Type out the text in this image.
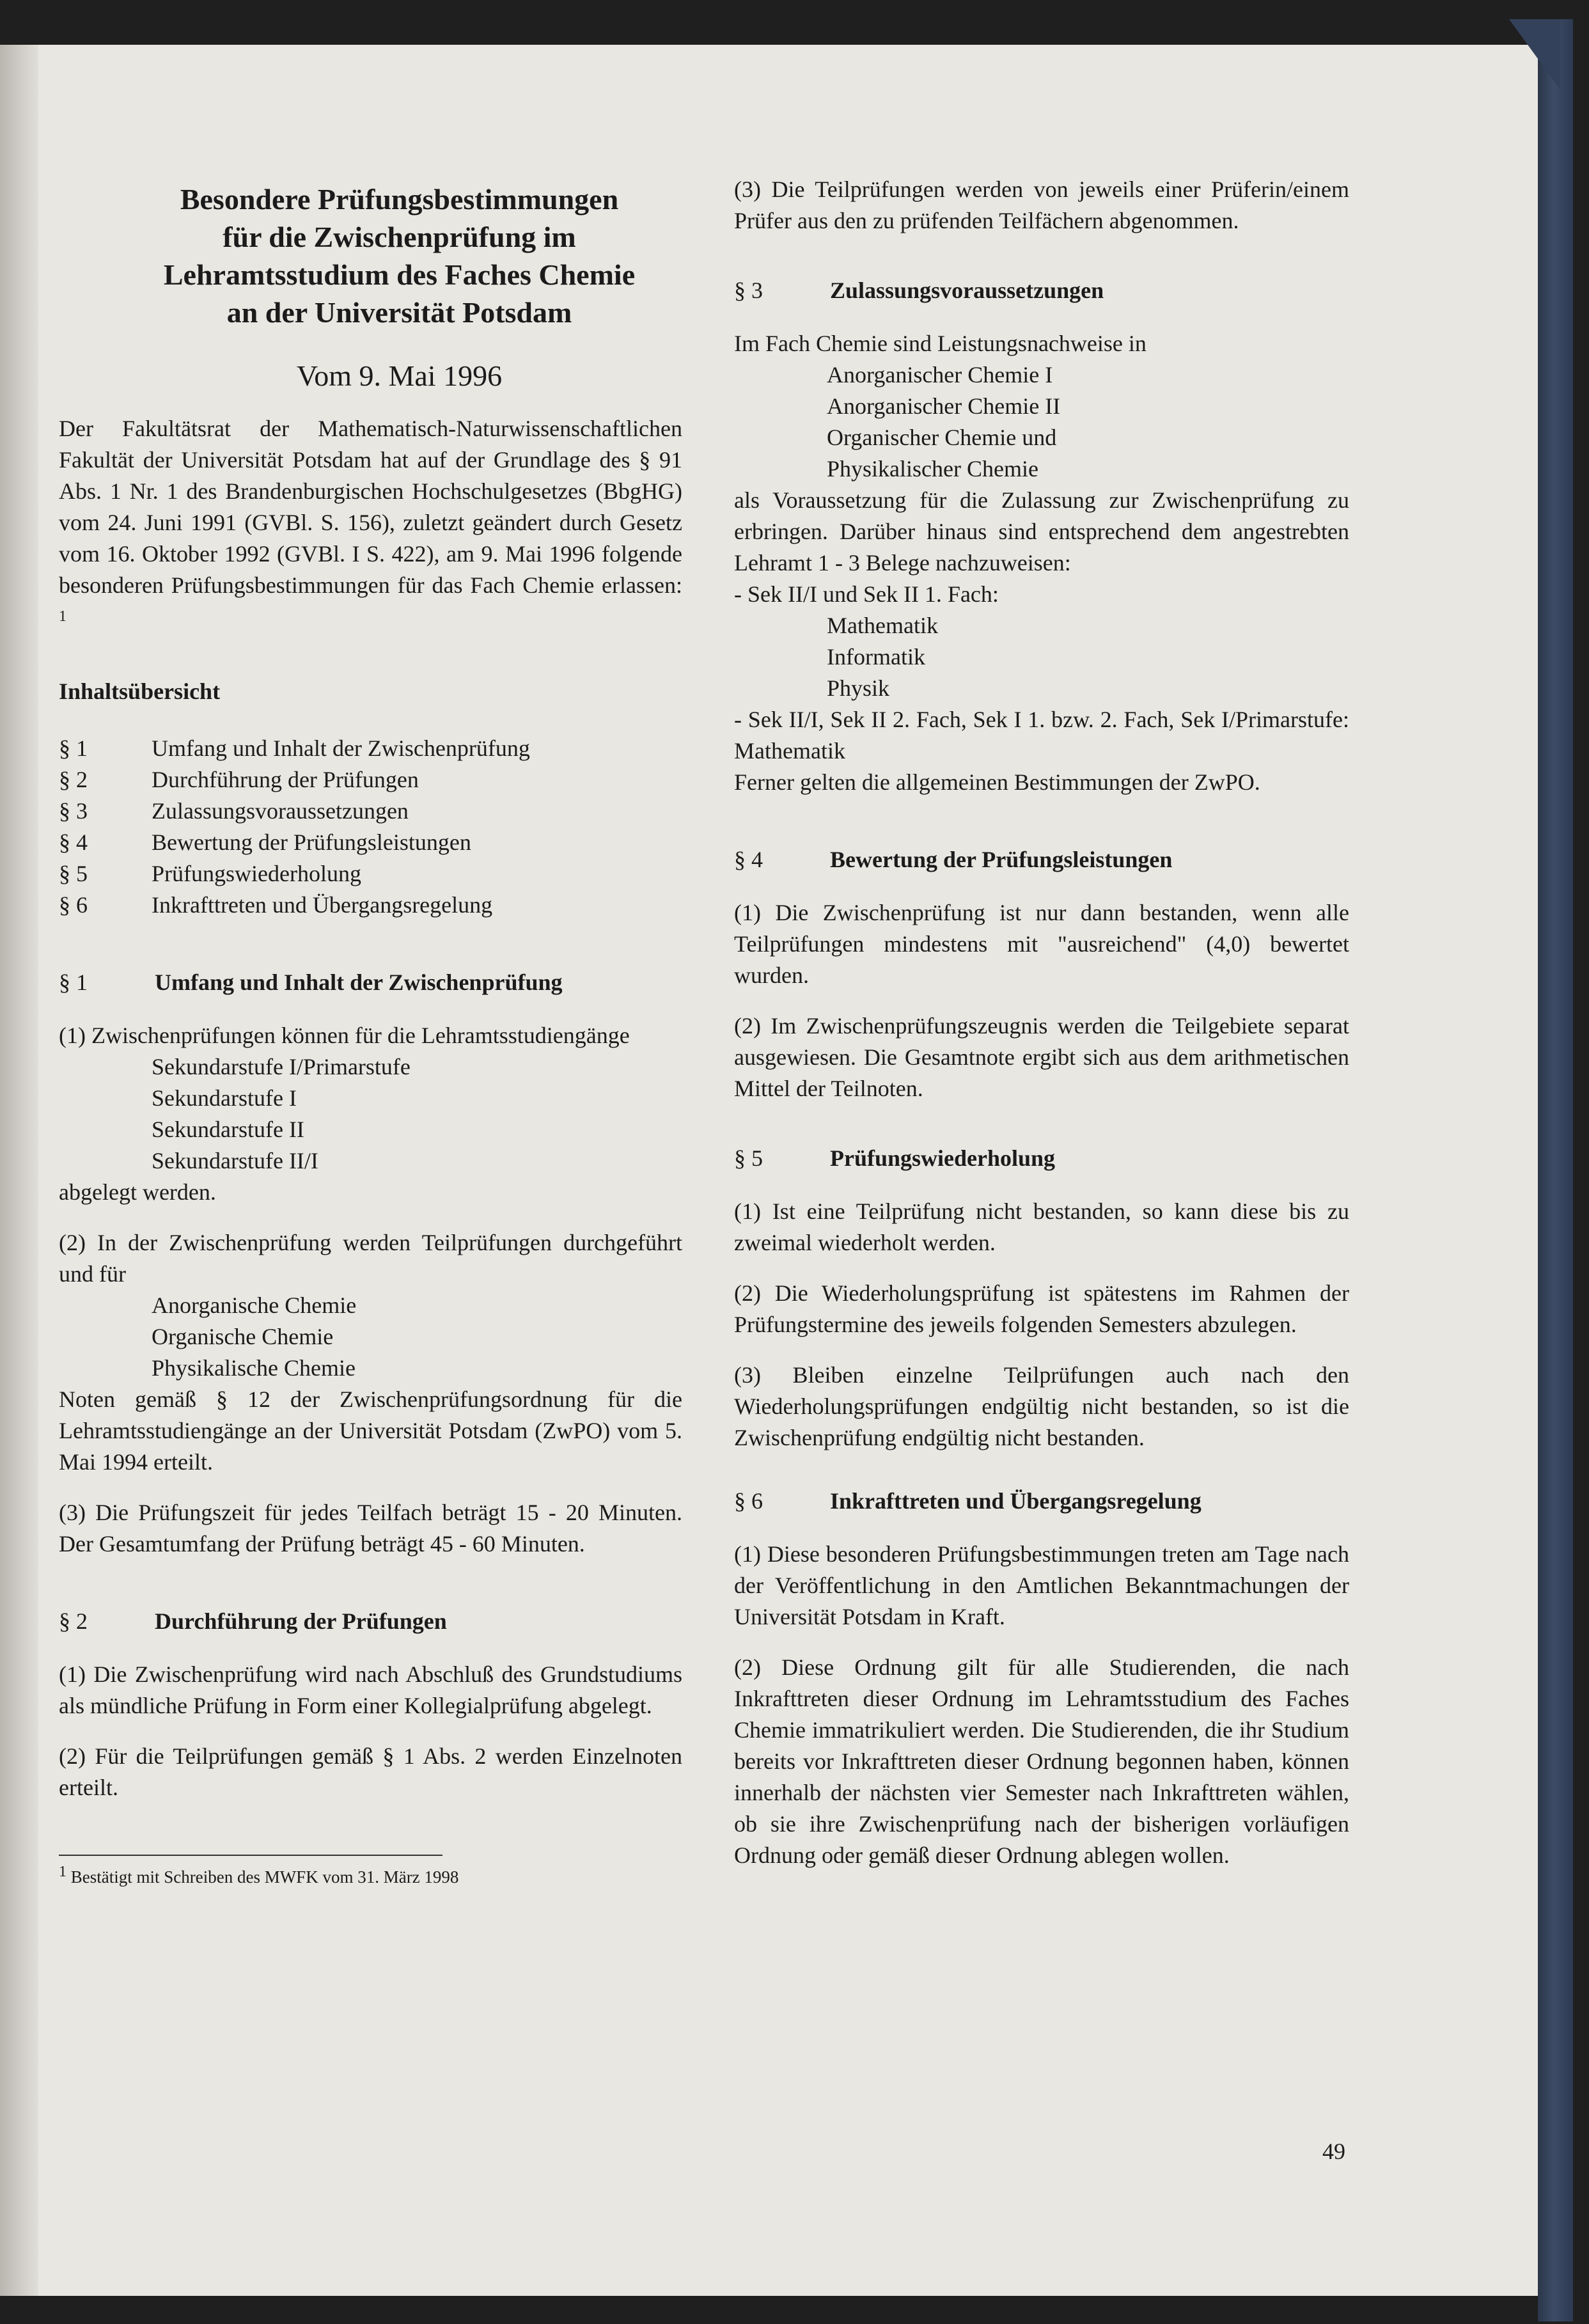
Besondere Prüfungsbestimmungen
für die Zwischenprüfung im
Lehramtsstudium des Faches Chemie
an der Universität Potsdam
Vom 9. Mai 1996

Der Fakultätsrat der Mathematisch-Naturwissenschaftlichen Fakultät der Universität Potsdam hat auf der Grundlage des § 91 Abs. 1 Nr. 1 des Brandenburgischen Hochschulgesetzes (BbgHG) vom 24. Juni 1991 (GVBl. S. 156), zuletzt geändert durch Gesetz vom 16. Oktober 1992 (GVBl. I S. 422), am 9. Mai 1996 folgende besonderen Prüfungsbestimmungen für das Fach Chemie erlassen: $^1$

Inhaltsübersicht
§ 1	Umfang und Inhalt der Zwischenprüfung
§ 2	Durchführung der Prüfungen
§ 3	Zulassungsvoraussetzungen
§ 4	Bewertung der Prüfungsleistungen
§ 5	Prüfungswiederholung
§ 6	Inkrafttreten und Übergangsregelung
§ 1	Umfang und Inhalt der Zwischenprüfung

(1) Zwischenprüfungen können für die Lehramtsstudiengänge

Sekundarstufe I/Primarstufe
Sekundarstufe I
Sekundarstufe II
Sekundarstufe II/I

abgelegt werden.

(2) In der Zwischenprüfung werden Teilprüfungen durchgeführt und für

Anorganische Chemie
Organische Chemie
Physikalische Chemie

Noten gemäß § 12 der Zwischenprüfungsordnung für die Lehramtsstudiengänge an der Universität Potsdam (ZwPO) vom 5. Mai 1994 erteilt.

(3) Die Prüfungszeit für jedes Teilfach beträgt 15 - 20 Minuten. Der Gesamtumfang der Prüfung beträgt 45 - 60 Minuten.

§ 2	Durchführung der Prüfungen

(1) Die Zwischenprüfung wird nach Abschluß des Grundstudiums als mündliche Prüfung in Form einer Kollegialprüfung abgelegt.

(2) Für die Teilprüfungen gemäß § 1 Abs. 2 werden Einzelnoten erteilt.

$^1$ Bestätigt mit Schreiben des MWFK vom 31. März 1998

(3) Die Teilprüfungen werden von jeweils einer Prüferin/einem Prüfer aus den zu prüfenden Teilfächern abgenommen.

§ 3	Zulassungsvoraussetzungen
Im Fach Chemie sind Leistungsnachweise in
Anorganischer Chemie I
Anorganischer Chemie II
Organischer Chemie und
Physikalischer Chemie
als Voraussetzung für die Zulassung zur Zwischenprüfung zu erbringen. Darüber hinaus sind entsprechend dem angestrebten Lehramt 1 - 3 Belege nachzuweisen:
- Sek II/I und Sek II 1. Fach:
Mathematik
Informatik
Physik
- Sek II/I, Sek II 2. Fach, Sek I 1. bzw. 2. Fach, Sek I/Primarstufe: Mathematik

Ferner gelten die allgemeinen Bestimmungen der ZwPO.

§ 4	Bewertung der Prüfungsleistungen

(1) Die Zwischenprüfung ist nur dann bestanden, wenn alle Teilprüfungen mindestens mit "ausreichend" (4,0) bewertet wurden.

(2) Im Zwischenprüfungszeugnis werden die Teilgebiete separat ausgewiesen. Die Gesamtnote ergibt sich aus dem arithmetischen Mittel der Teilnoten.

§ 5	Prüfungswiederholung

(1) Ist eine Teilprüfung nicht bestanden, so kann diese bis zu zweimal wiederholt werden.

(2) Die Wiederholungsprüfung ist spätestens im Rahmen der Prüfungstermine des jeweils folgenden Semesters abzulegen.

(3) Bleiben einzelne Teilprüfungen auch nach den Wiederholungsprüfungen endgültig nicht bestanden, so ist die Zwischenprüfung endgültig nicht bestanden.

§ 6	Inkrafttreten und Übergangsregelung

(1) Diese besonderen Prüfungsbestimmungen treten am Tage nach der Veröffentlichung in den Amtlichen Bekanntmachungen der Universität Potsdam in Kraft.

(2) Diese Ordnung gilt für alle Studierenden, die nach Inkrafttreten dieser Ordnung im Lehramtsstudium des Faches Chemie immatrikuliert werden. Die Studierenden, die ihr Studium bereits vor Inkrafttreten dieser Ordnung begonnen haben, können innerhalb der nächsten vier Semester nach Inkrafttreten wählen, ob sie ihre Zwischenprüfung nach der bisherigen vorläufigen Ordnung oder gemäß dieser Ordnung ablegen wollen.

49
